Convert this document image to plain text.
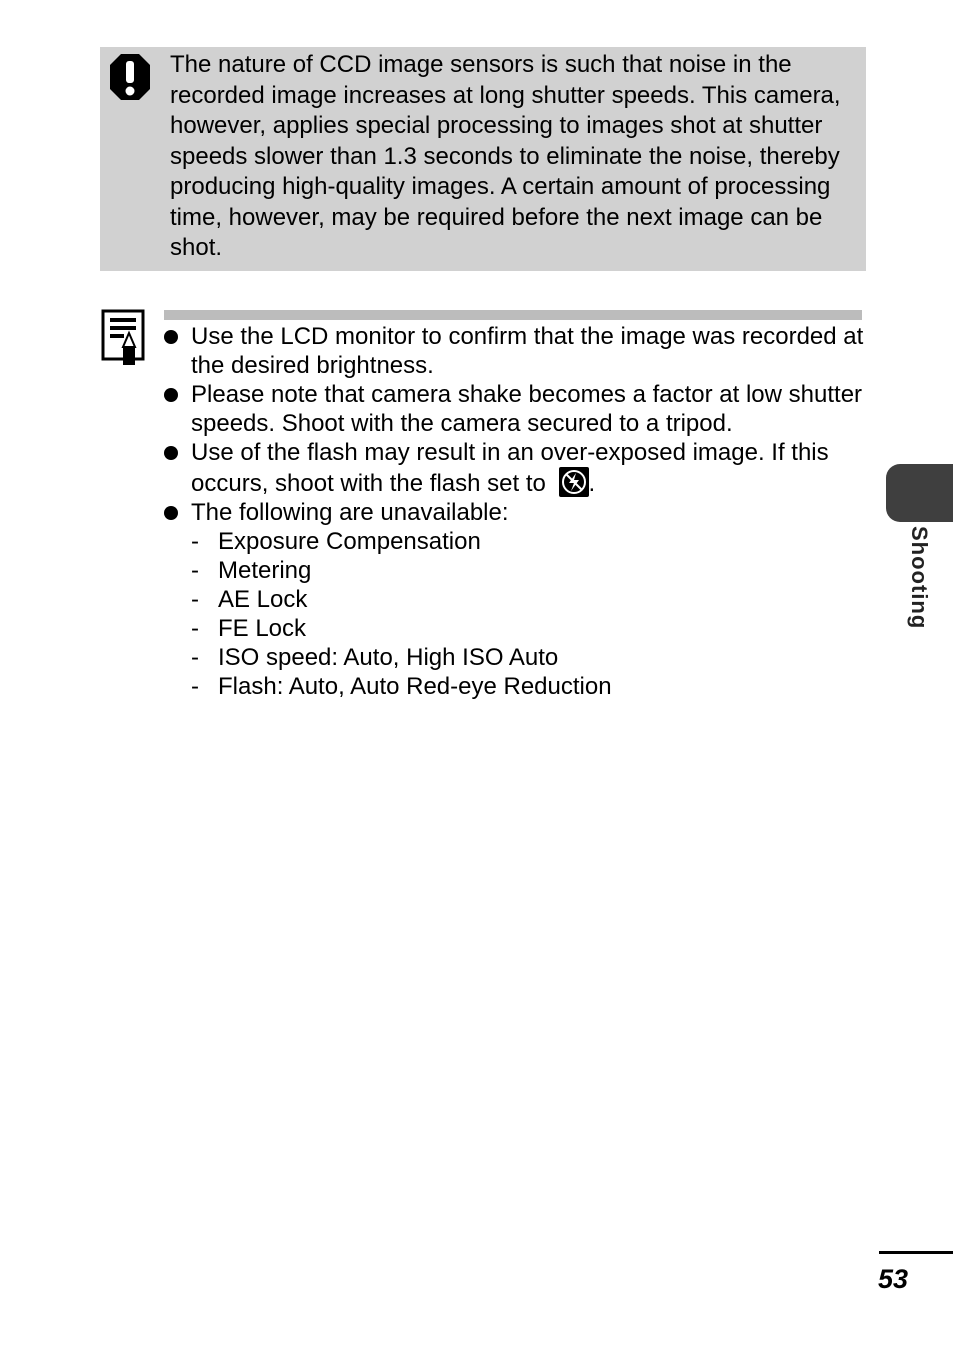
The nature of CCD image sensors is such that noise in the recorded image increases at long shutter speeds. This camera, however, applies special processing to images shot at shutter speeds slower than 1.3 seconds to eliminate the noise, thereby producing high-quality images. A certain amount of processing time, however, may be required before the next image can be shot.
Use the LCD monitor to confirm that the image was recorded at the desired brightness.
Please note that camera shake becomes a factor at low shutter speeds. Shoot with the camera secured to a tripod.
Use of the flash may result in an over-exposed image. If this occurs, shoot with the flash set to .
The following are unavailable:
- Exposure Compensation
- Metering
- AE Lock
- FE Lock
- ISO speed: Auto, High ISO Auto
- Flash: Auto, Auto Red-eye Reduction
Shooting
53
